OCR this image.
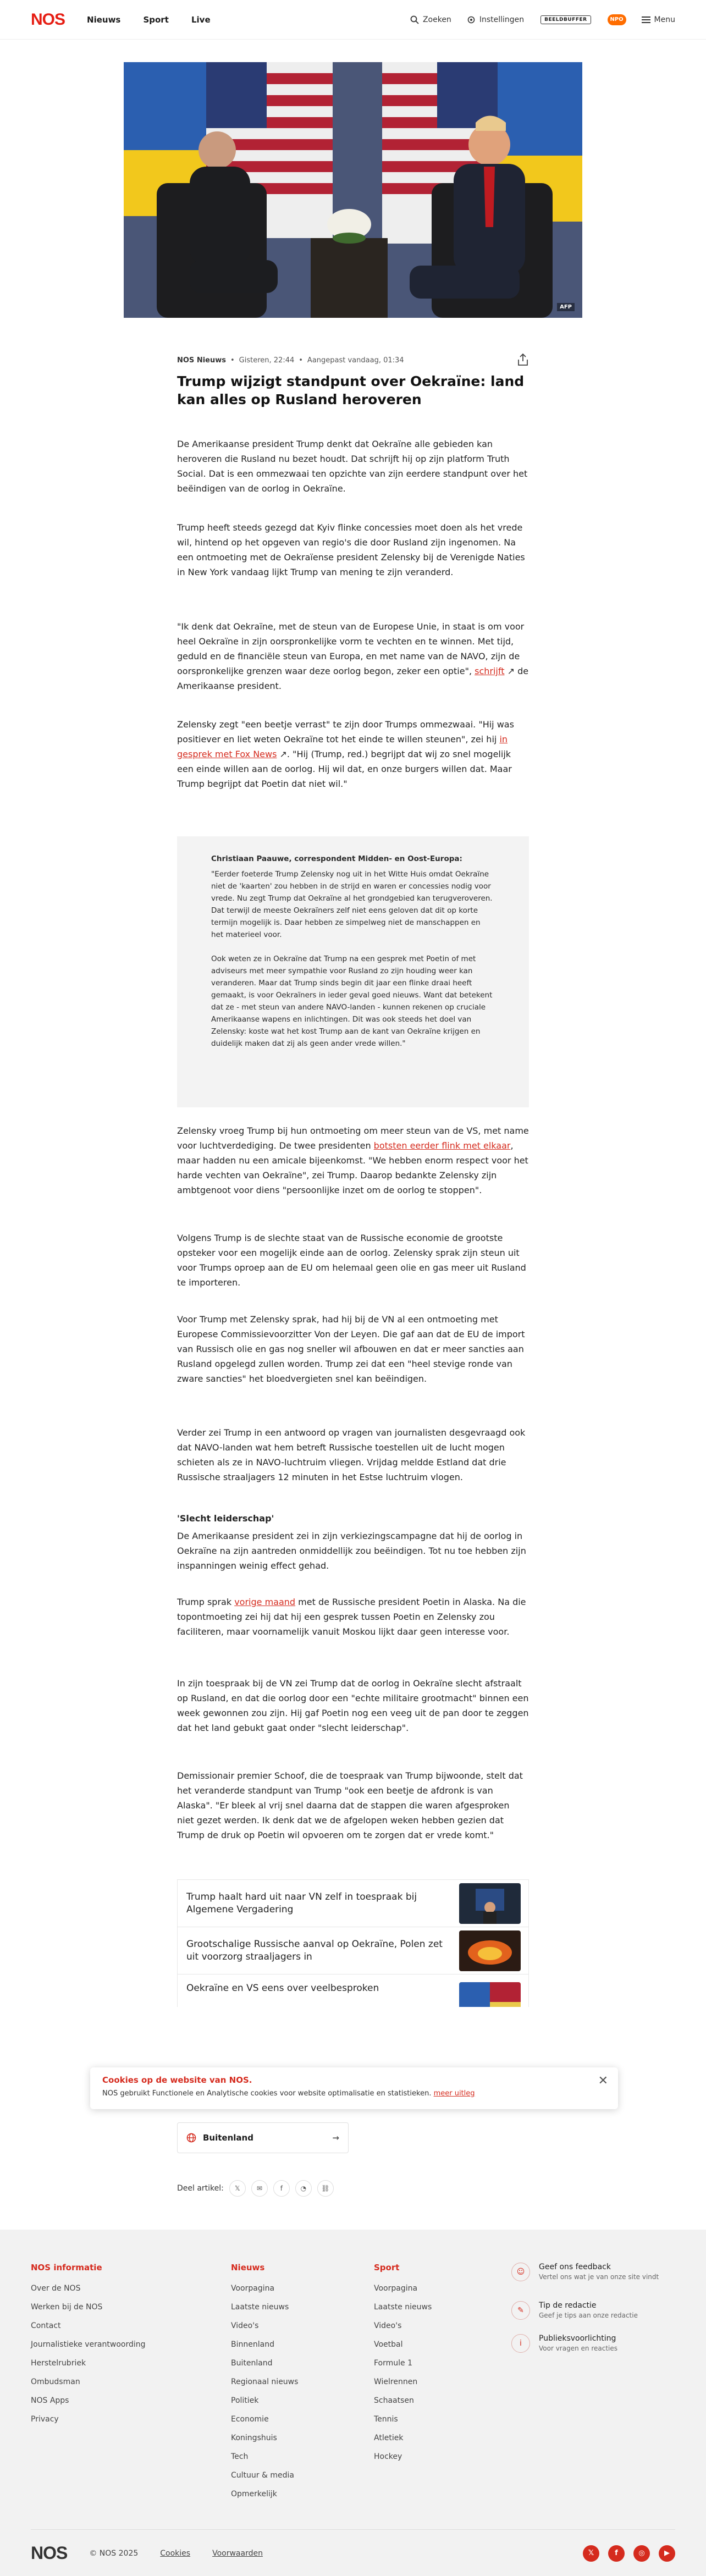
NOS	Nieuws	Sport	Live	Zoeken	Instellingen	BEELDBUFFER	NPO	Menu
AFP
NOS Nieuws • Gisteren, 22:44 • Aangepast vandaag, 01:34
Trump wijzigt standpunt over Oekraïne: land kan alles op Rusland heroveren

De Amerikaanse president Trump denkt dat Oekraïne alle gebieden kan heroveren die Rusland nu bezet houdt. Dat schrijft hij op zijn platform Truth Social. Dat is een ommezwaai ten opzichte van zijn eerdere standpunt over het beëindigen van de oorlog in Oekraïne.

Trump heeft steeds gezegd dat Kyiv flinke concessies moet doen als het vrede wil, hintend op het opgeven van regio's die door Rusland zijn ingenomen. Na een ontmoeting met de Oekraïense president Zelensky bij de Verenigde Naties in New York vandaag lijkt Trump van mening te zijn veranderd.

"Ik denk dat Oekraïne, met de steun van de Europese Unie, in staat is om voor heel Oekraïne in zijn oorspronkelijke vorm te vechten en te winnen. Met tijd, geduld en de financiële steun van Europa, en met name van de NAVO, zijn de oorspronkelijke grenzen waar deze oorlog begon, zeker een optie", schrijft ↗ de Amerikaanse president.

Zelensky zegt "een beetje verrast" te zijn door Trumps ommezwaai. "Hij was positiever en liet weten Oekraïne tot het einde te willen steunen", zei hij in gesprek met Fox News ↗. "Hij (Trump, red.) begrijpt dat wij zo snel mogelijk een einde willen aan de oorlog. Hij wil dat, en onze burgers willen dat. Maar Trump begrijpt dat Poetin dat niet wil."

Christiaan Paauwe, correspondent Midden- en Oost-Europa:

"Eerder foeterde Trump Zelensky nog uit in het Witte Huis omdat Oekraïne niet de 'kaarten' zou hebben in de strijd en waren er concessies nodig voor vrede. Nu zegt Trump dat Oekraïne al het grondgebied kan terugveroveren. Dat terwijl de meeste Oekraïners zelf niet eens geloven dat dit op korte termijn mogelijk is. Daar hebben ze simpelweg niet de manschappen en het materieel voor.

Ook weten ze in Oekraïne dat Trump na een gesprek met Poetin of met adviseurs met meer sympathie voor Rusland zo zijn houding weer kan veranderen. Maar dat Trump sinds begin dit jaar een flinke draai heeft gemaakt, is voor Oekraïners in ieder geval goed nieuws. Want dat betekent dat ze - met steun van andere NAVO-landen - kunnen rekenen op cruciale Amerikaanse wapens en inlichtingen. Dit was ook steeds het doel van Zelensky: koste wat het kost Trump aan de kant van Oekraïne krijgen en duidelijk maken dat zij als geen ander vrede willen."

Zelensky vroeg Trump bij hun ontmoeting om meer steun van de VS, met name voor luchtverdediging. De twee presidenten botsten eerder flink met elkaar, maar hadden nu een amicale bijeenkomst. "We hebben enorm respect voor het harde vechten van Oekraïne", zei Trump. Daarop bedankte Zelensky zijn ambtgenoot voor diens "persoonlijke inzet om de oorlog te stoppen".

Volgens Trump is de slechte staat van de Russische economie de grootste opsteker voor een mogelijk einde aan de oorlog. Zelensky sprak zijn steun uit voor Trumps oproep aan de EU om helemaal geen olie en gas meer uit Rusland te importeren.

Voor Trump met Zelensky sprak, had hij bij de VN al een ontmoeting met Europese Commissievoorzitter Von der Leyen. Die gaf aan dat de EU de import van Russisch olie en gas nog sneller wil afbouwen en dat er meer sancties aan Rusland opgelegd zullen worden. Trump zei dat een "heel stevige ronde van zware sancties" het bloedvergieten snel kan beëindigen.

Verder zei Trump in een antwoord op vragen van journalisten desgevraagd ook dat NAVO-landen wat hem betreft Russische toestellen uit de lucht mogen schieten als ze in NAVO-luchtruim vliegen. Vrijdag meldde Estland dat drie Russische straaljagers 12 minuten in het Estse luchtruim vlogen.

'Slecht leiderschap'

De Amerikaanse president zei in zijn verkiezingscampagne dat hij de oorlog in Oekraïne na zijn aantreden onmiddellijk zou beëindigen. Tot nu toe hebben zijn inspanningen weinig effect gehad.

Trump sprak vorige maand met de Russische president Poetin in Alaska. Na die topontmoeting zei hij dat hij een gesprek tussen Poetin en Zelensky zou faciliteren, maar voornamelijk vanuit Moskou lijkt daar geen interesse voor.

In zijn toespraak bij de VN zei Trump dat de oorlog in Oekraïne slecht afstraalt op Rusland, en dat die oorlog door een "echte militaire grootmacht" binnen een week gewonnen zou zijn. Hij gaf Poetin nog een veeg uit de pan door te zeggen dat het land gebukt gaat onder "slecht leiderschap".

Demissionair premier Schoof, die de toespraak van Trump bijwoonde, stelt dat het veranderde standpunt van Trump "ook een beetje de afdronk is van Alaska". "Er bleek al vrij snel daarna dat de stappen die waren afgesproken niet gezet werden. Ik denk dat we de afgelopen weken hebben gezien dat Trump de druk op Poetin wil opvoeren om te zorgen dat er vrede komt."

Trump haalt hard uit naar VN zelf in toespraak bij Algemene Vergadering
Grootschalige Russische aanval op Oekraïne, Polen zet uit voorzorg straaljagers in
Oekraïne en VS eens over veelbesproken
Cookies op de website van NOS.
NOS gebruikt Functionele en Analytische cookies voor website optimalisatie en statistieken. meer uitleg
✕
Buitenland	→
Deel artikel:	𝕏	✉	f	◔	⛓
NOS informatie
Over de NOS
Werken bij de NOS
Contact
Journalistieke verantwoording
Herstelrubriek
Ombudsman
NOS Apps
Privacy
Nieuws
Voorpagina
Laatste nieuws
Video's
Binnenland
Buitenland
Regionaal nieuws
Politiek
Economie
Koningshuis
Tech
Cultuur & media
Opmerkelijk
Sport
Voorpagina
Laatste nieuws
Video's
Voetbal
Formule 1
Wielrennen
Schaatsen
Tennis
Atletiek
Hockey
☺
Geef ons feedback
Vertel ons wat je van onze site vindt
✎
Tip de redactie
Geef je tips aan onze redactie
i
Publieksvoorlichting
Voor vragen en reacties
NOS	© NOS 2025	Cookies	Voorwaarden	𝕏	f	◎	▶
